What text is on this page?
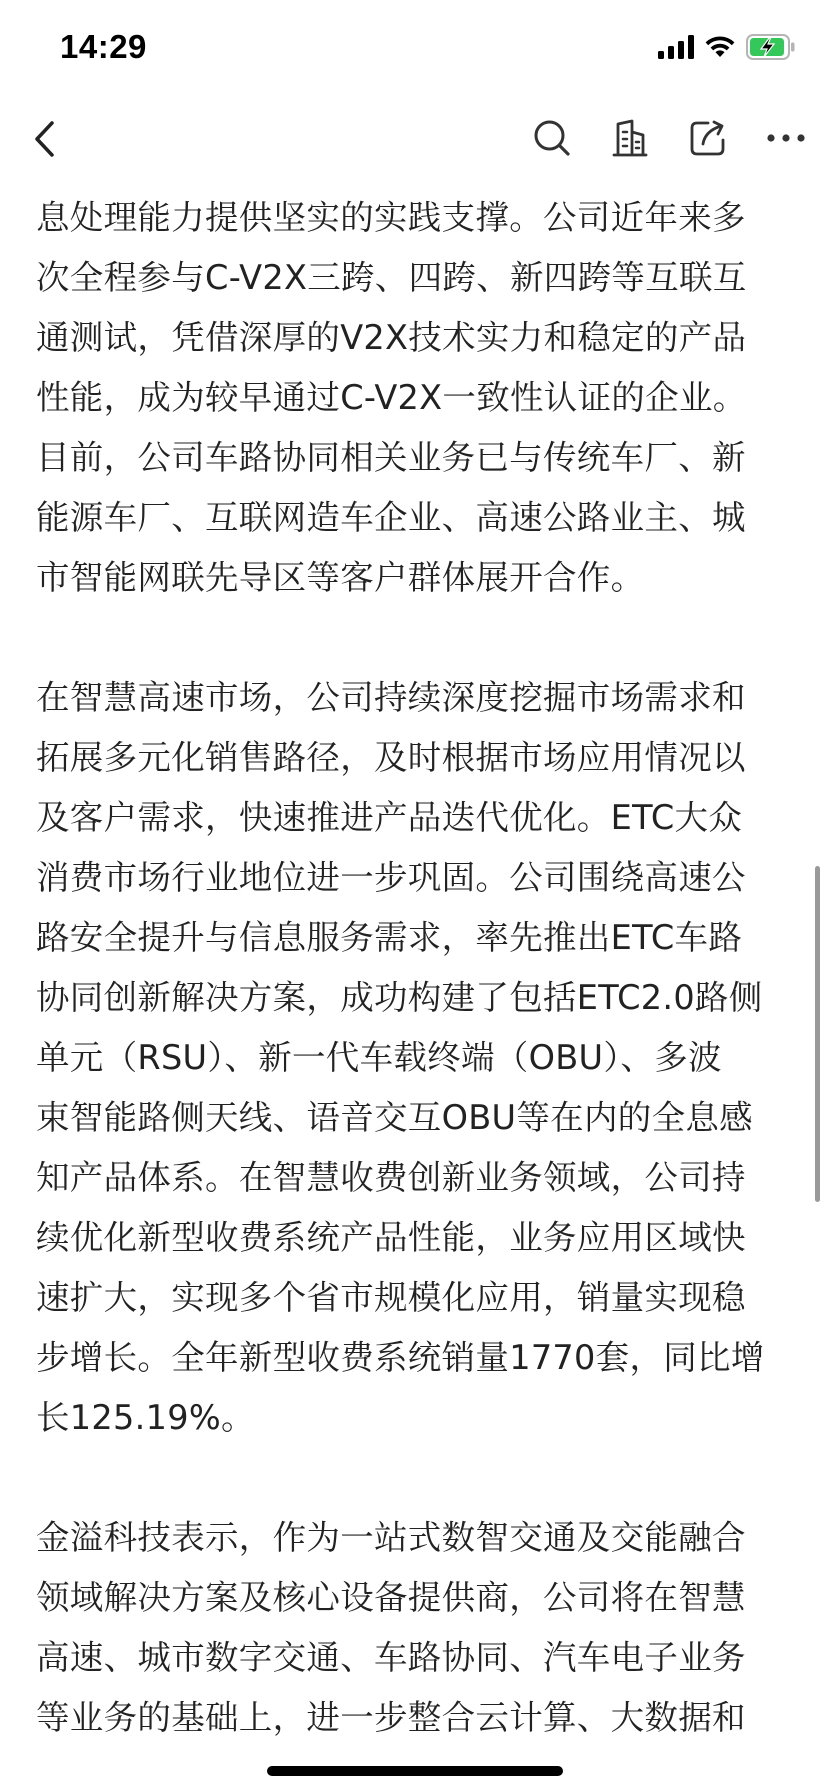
14:29

息处理能力提供坚实的实践支撑。公司近年来多
次全程参与C-V2X三跨、四跨、新四跨等互联互
通测试，凭借深厚的V2X技术实力和稳定的产品
性能，成为较早通过C-V2X一致性认证的企业。
目前，公司车路协同相关业务已与传统车厂、新
能源车厂、互联网造车企业、高速公路业主、城
市智能网联先导区等客户群体展开合作。

在智慧高速市场，公司持续深度挖掘市场需求和
拓展多元化销售路径，及时根据市场应用情况以
及客户需求，快速推进产品迭代优化。ETC大众
消费市场行业地位进一步巩固。公司围绕高速公
路安全提升与信息服务需求，率先推出ETC车路
协同创新解决方案，成功构建了包括ETC2.0路侧
单元（RSU）、新一代车载终端（OBU）、多波
束智能路侧天线、语音交互OBU等在内的全息感
知产品体系。在智慧收费创新业务领域，公司持
续优化新型收费系统产品性能，业务应用区域快
速扩大，实现多个省市规模化应用，销量实现稳
步增长。全年新型收费系统销量1770套，同比增
长125.19%。

金溢科技表示，作为一站式数智交通及交能融合
领域解决方案及核心设备提供商，公司将在智慧
高速、城市数字交通、车路协同、汽车电子业务
等业务的基础上，进一步整合云计算、大数据和
